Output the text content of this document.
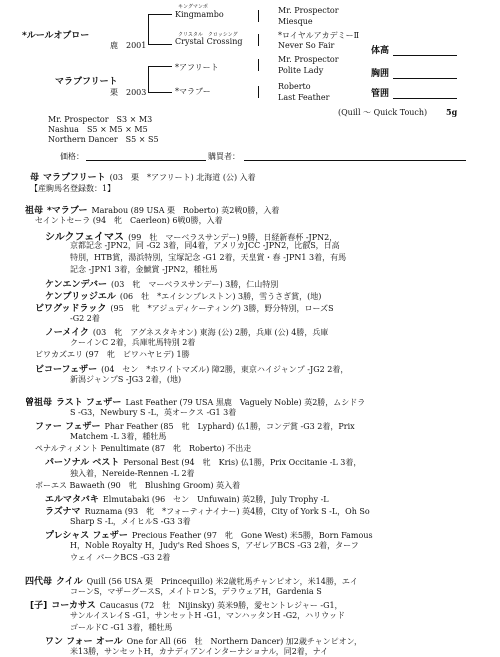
*ルールオブロー
鹿　2001
マラブフリート
栗　2003
キングマンボ
Kingmambo
クリスタル　クロッシング
Crystal Crossing
*アフリート
*マラブー
Mr. Prospector
Miesque
*ロイヤルアカデミーⅡ
Never So Fair
Mr. Prospector
Polite Lady
Roberto
Last Feather
体高
胸囲
管囲
(Quill ～ Quick Touch) 5g
Mr. Prospector　S3 × M3
Nashua　S5 × M5 × M5
Northern Dancer　S5 × S5
価格：	購買者：
母 マラブフリート (03　栗　*アフリート) 北海道 (公) 入着
【産駒馬名登録数：1】
祖母 *マラブー Marabou (89 USA 栗　Roberto) 英2戦0勝，入着
セイントセーラ (94　牝　Caerleon) 6戦0勝，入着
シルクフェイマス (99　牡　マーベラスサンデー) 9勝，日経新春杯 -JPN2，
京都記念 -JPN2，同 -G2 3着，同4着，アメリカJCC -JPN2，比叡S，日高
特別，HTB賞，湯浜特別，宝塚記念 -G1 2着，天皇賞・春 -JPN1 3着，有馬
記念 -JPN1 3着，金鯱賞 -JPN2，種牡馬
ケンエンデバー (03　牝　マーベラスサンデー) 3勝，仁山特別
ケンブリッジエル (06　牡　*エイシンプレストン) 3勝，雪うさぎ賞，(地)
ビワグッドラック (95　牝　*アジュディケーティング) 3勝，野分特別，ローズS
-G2 2着
ノーメイク (03　牝　アグネスタキオン) 東海 (公) 2勝，兵庫 (公) 4勝，兵庫
クーインC 2着，兵庫牝馬特別 2着
ビワカズエリ (97　牝　ビワハヤヒデ) 1勝
ビコーフェザー (04　セン　*ホワイトマズル) 障2勝，東京ハイジャンプ -JG2 2着，
新潟ジャンプS -JG3 2着，(地)
曾祖母 ラスト フェザー Last Feather (79 USA 黒鹿　Vaguely Noble) 英2勝，ムシドラ
S -G3，Newbury S -L，英オークス -G1 3着
ファー フェザー Phar Feather (85　牝　Lyphard) 仏1勝，コンデ賞 -G3 2着，Prix
Matchem -L 3着，種牡馬
ペナルティメント Penultimate (87　牝　Roberto) 不出走
パーソナル ベスト Personal Best (94　牝　Kris) 仏1勝，Prix Occitanie -L 3着，
独入着，Nereide-Rennen -L 2着
ボーエス Bawaeth (90　牝　Blushing Groom) 英入着
エルマタバキ Elmutabaki (96　セン　Unfuwain) 英2勝，July Trophy -L
ラズナマ Ruznama (93　牝　*フォーティナイナー) 英4勝，City of York S -L，Oh So
Sharp S -L，メイヒルS -G3 3着
プレシャス フェザー Precious Feather (97　牝　Gone West) 米5勝，Born Famous
H，Noble Royalty H，Judy's Red Shoes S，アゼレアBCS -G3 2着，ターフ
ウェイ パークBCS -G3 2着
四代母 クイル Quill (56 USA 栗　Princequillo) 米2歳牝馬チャンピオン，米14勝，エイ
コーンS，マザーグースS，メイトロンS，デラウェアH，Gardenia S
[子] コーカサス Caucasus (72　牡　Nijinsky) 英米9勝，愛セントレジャー -G1，
サンルイスレイS -G1，サンセットH -G1，マンハッタンH -G2，ハリウッド
ゴールドC -G1 3着，種牡馬
ワン フォー オール One for All (66　牡　Northern Dancer) 加2歳チャンピオン，
米13勝，サンセットH，カナディアンインターナショナル，同2着，ナイ
